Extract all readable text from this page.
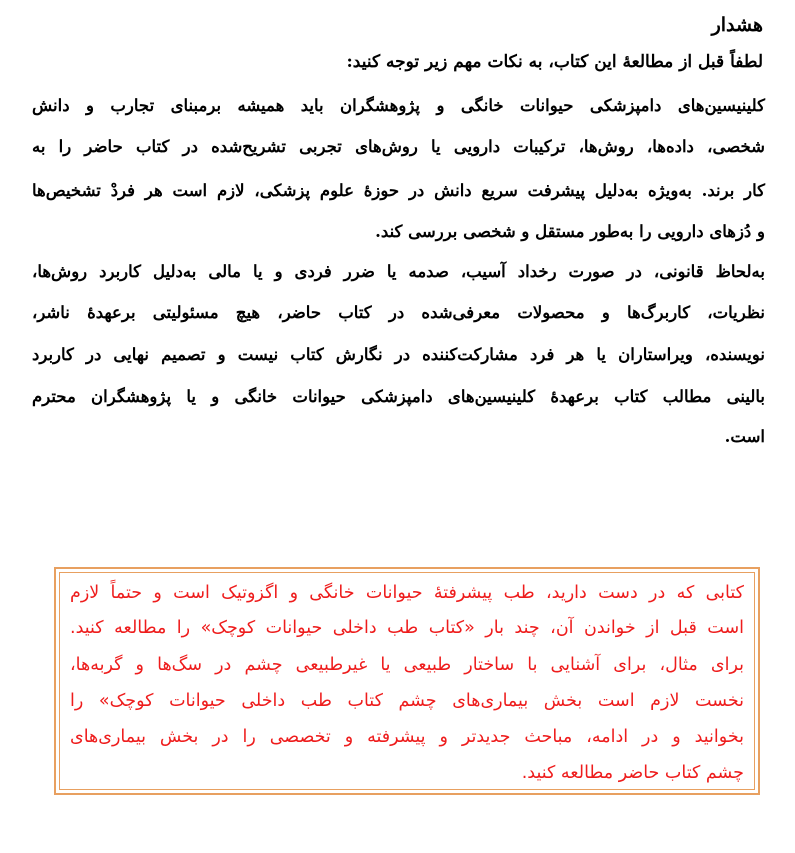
هشدار
لطفاً قبل از مطالعۀ این کتاب، به نکات مهم زیر توجه کنید:
کلینیسین‌های دامپزشکی حیوانات خانگی و پژوهشگران باید همیشه برمبنای تجارب و دانش
شخصی، داده‌ها، روش‌ها، ترکیبات دارویی یا روش‌های تجربی تشریح‌شده در کتاب حاضر را به
کار برند. به‌ویژه به‌دلیل پیشرفت سریع دانش در حوزۀ علوم پزشکی، لازم است هر فردْ تشخیص‌ها
و دُزهای دارویی را به‌طور مستقل و شخصی بررسی کند.
به‌لحاظ قانونی، در صورت رخداد آسیب، صدمه یا ضرر فردی و یا مالی به‌دلیل کاربرد روش‌ها،
نظریات، کاربرگ‌ها و محصولات معرفی‌شده در کتاب حاضر، هیچ مسئولیتی برعهدۀ ناشر،
نویسنده، ویراستاران یا هر فرد مشارکت‌کننده در نگارش کتاب نیست و تصمیم نهایی در کاربرد
بالینی مطالب کتاب برعهدۀ کلینیسین‌های دامپزشکی حیوانات خانگی و یا پژوهشگران محترم
است.
کتابی که در دست دارید، طب پیشرفتۀ حیوانات خانگی و اگزوتیک است و حتماً لازم
است قبل از خواندن آن، چند بار «کتاب طب داخلی حیوانات کوچک» را مطالعه کنید.
برای مثال، برای آشنایی با ساختار طبیعی یا غیرطبیعی چشم در سگ‌ها و گربه‌ها،
نخست لازم است بخش بیماری‌های چشم کتاب طب داخلی حیوانات کوچک» را
بخوانید و در ادامه، مباحث جدیدتر و پیشرفته و تخصصی را در بخش بیماری‌های
چشم کتاب حاضر مطالعه کنید.
